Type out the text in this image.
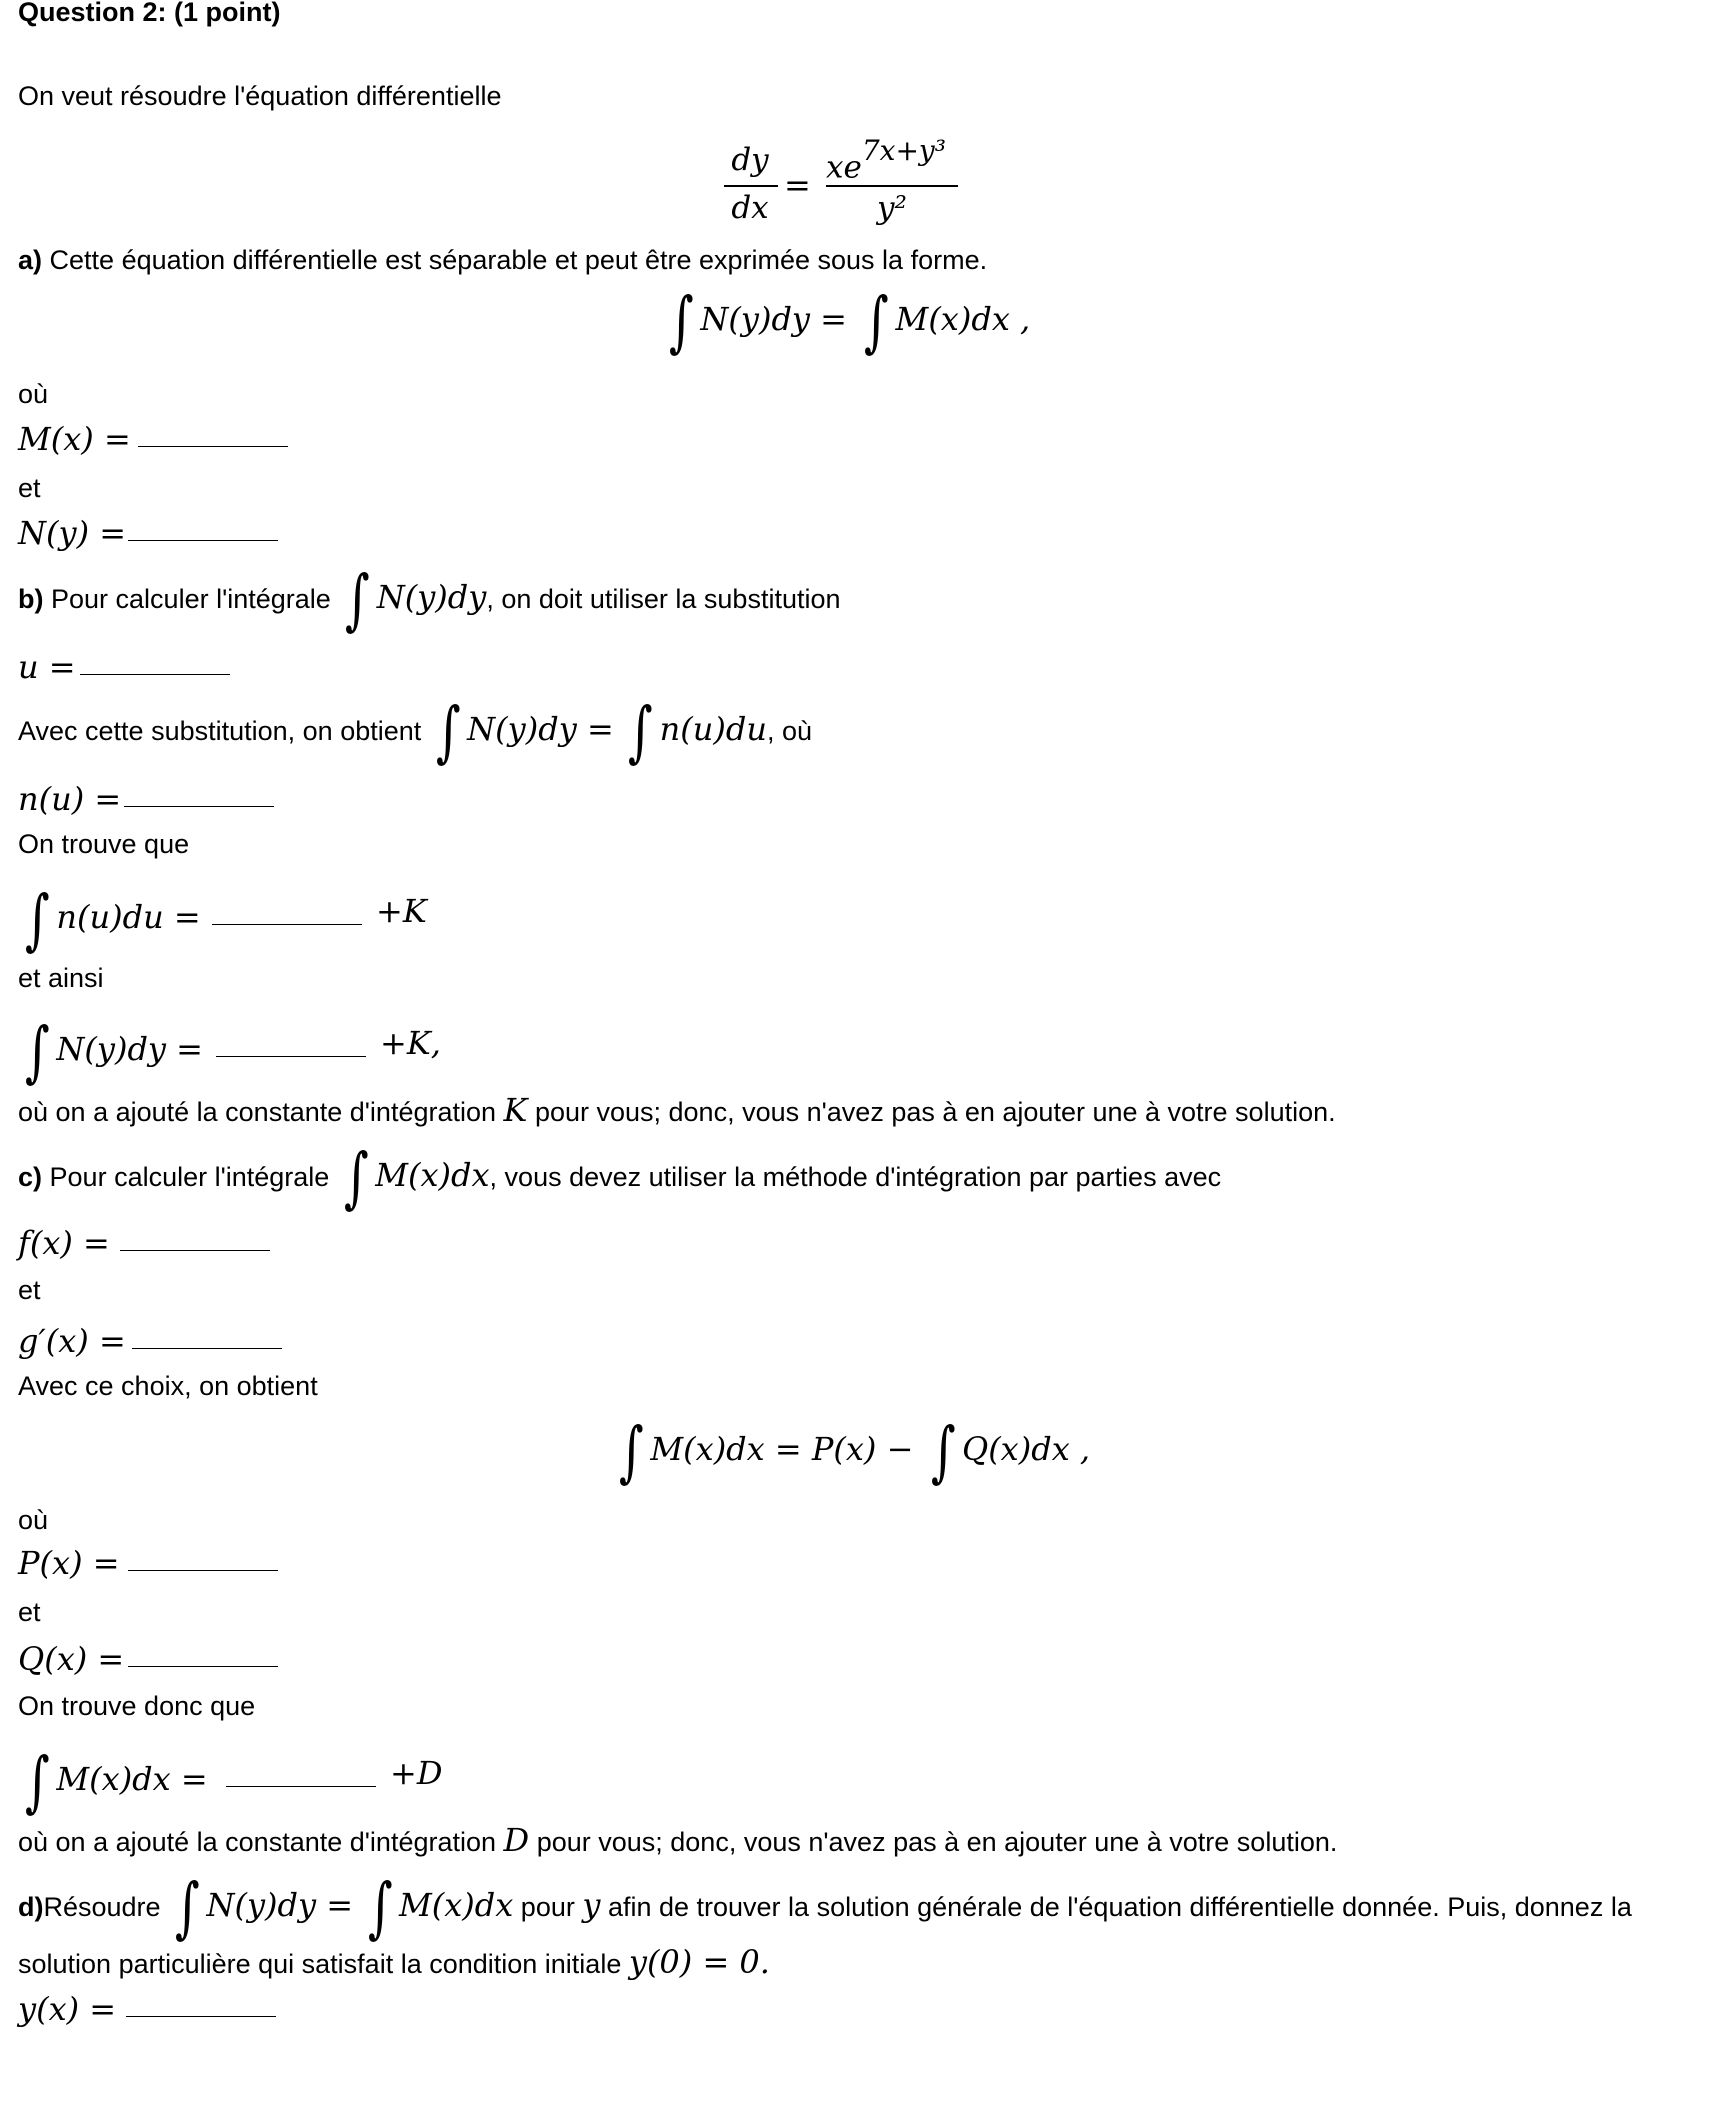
Question 2: (1 point)
On veut résoudre l'équation différentielle
dy
dx
= $xe^{7x+y^3}$
y²
a) Cette équation différentielle est séparable et peut être exprimée sous la forme.
∫ N(y)dy = ∫ M(x)dx ,
où
M(x) =
et
N(y) =
b) Pour calculer l'intégrale ∫ N(y)dy, on doit utiliser la substitution
u =
Avec cette substitution, on obtient ∫ N(y)dy = ∫ n(u)du, où
n(u) =
On trouve que
∫ n(u)du =	+K
et ainsi
∫ N(y)dy =	+K,
où on a ajouté la constante d'intégration K pour vous; donc, vous n'avez pas à en ajouter une à votre solution.
c) Pour calculer l'intégrale ∫ M(x)dx, vous devez utiliser la méthode d'intégration par parties avec
f(x) =
et
g′(x) =
Avec ce choix, on obtient
∫ M(x)dx = P(x) − ∫ Q(x)dx ,
où
P(x) =
et
Q(x) =
On trouve donc que
∫ M(x)dx =	+D
où on a ajouté la constante d'intégration D pour vous; donc, vous n'avez pas à en ajouter une à votre solution.
d)Résoudre ∫ N(y)dy = ∫ M(x)dx pour y afin de trouver la solution générale de l'équation différentielle donnée. Puis, donnez la
solution particulière qui satisfait la condition initiale y(0) = 0.
y(x) =
